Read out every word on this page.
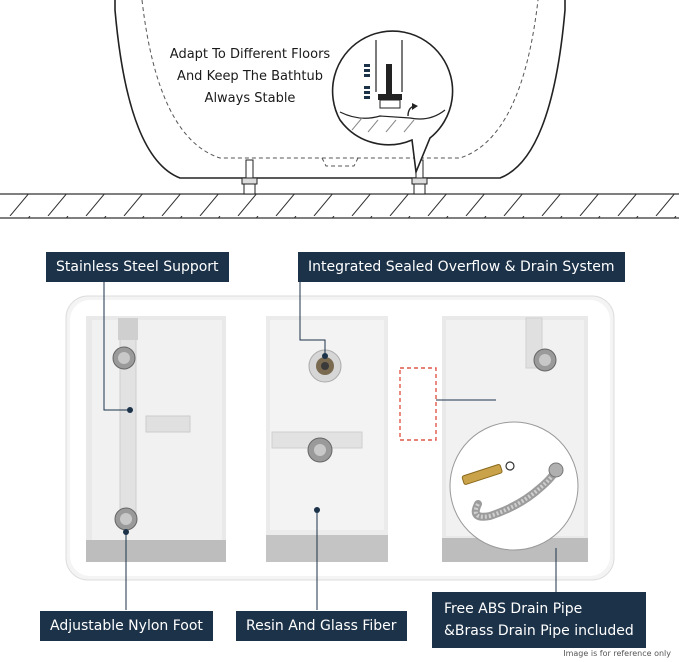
Adapt To Different Floors
And Keep The Bathtub
Always Stable
Stainless Steel Support	Integrated Sealed Overflow & Drain System
Adjustable Nylon Foot	Resin And Glass Fiber
Free ABS Drain Pipe
&Brass Drain Pipe included
Image is for reference only
